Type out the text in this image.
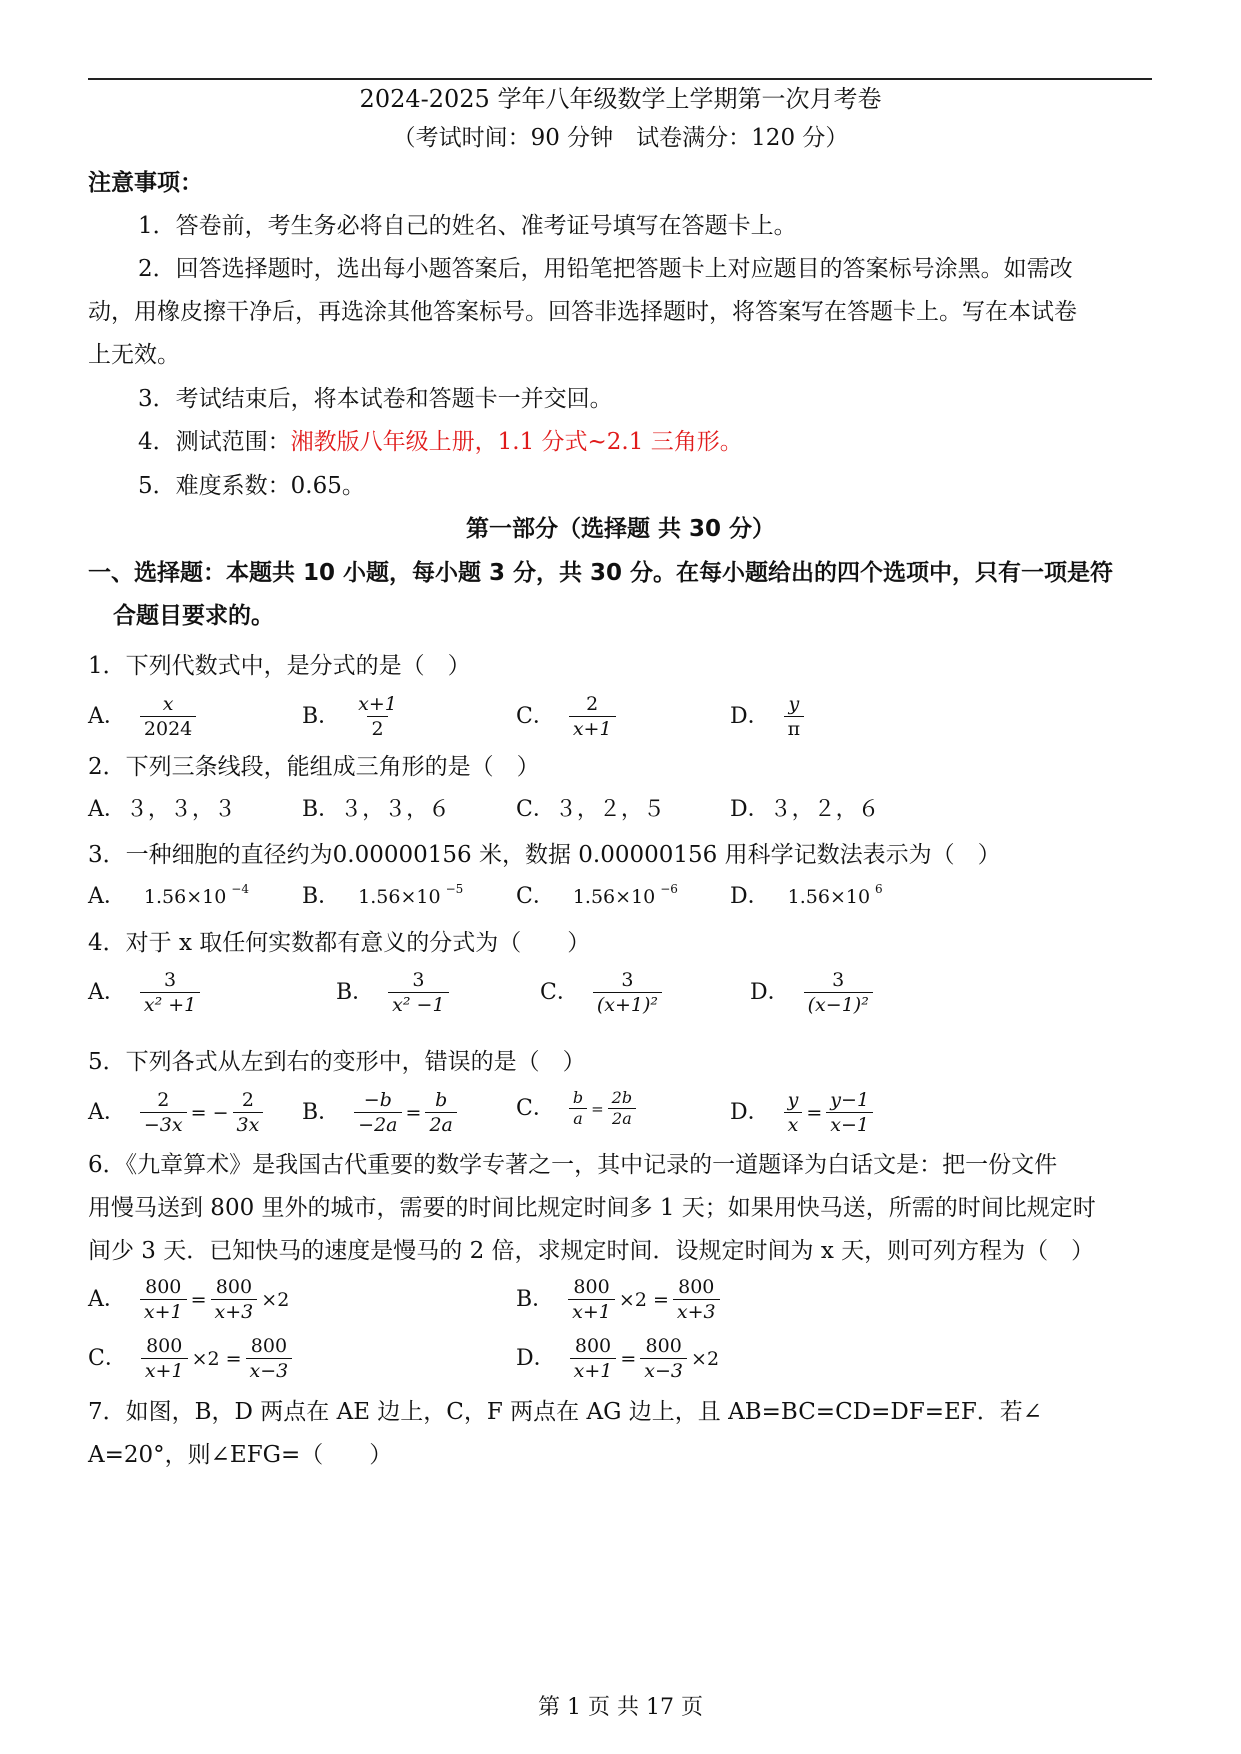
2024-2025 学年八年级数学上学期第一次月考卷
（考试时间：90 分钟　试卷满分：120 分）
注意事项：
1．答卷前，考生务必将自己的姓名、准考证号填写在答题卡上。
2．回答选择题时，选出每小题答案后，用铅笔把答题卡上对应题目的答案标号涂黑。如需改
动，用橡皮擦干净后，再选涂其他答案标号。回答非选择题时，将答案写在答题卡上。写在本试卷
上无效。
3．考试结束后，将本试卷和答题卡一并交回。
4．测试范围：湘教版八年级上册，1.1 分式~2.1 三角形。
5．难度系数：0.65。
第一部分（选择题 共 30 分）
一、选择题：本题共 10 小题，每小题 3 分，共 30 分。在每小题给出的四个选项中，只有一项是符
合题目要求的。
1．下列代数式中，是分式的是（　）
A． $\frac{x}{2024}$	B． $\frac{x+1}{2}$	C． $\frac{2}{x+1}$	D． $\frac{y}{\pi}$
2．下列三条线段，能组成三角形的是（　）
A．３，３，３	B．３，３，６	C．３，２，５	D．３，２，６
3．一种细胞的直径约为0.00000156 米，数据 0.00000156 用科学记数法表示为（　）
A． 1.56×10 −4 B． 1.56×10 −5 C． 1.56×10 −6 D． 1.56×10 6
4．对于 x 取任何实数都有意义的分式为（　　）
A． $\frac{3}{\text{x² +1}}$	B． $\frac{3}{\text{x² −1}}$	C． $\frac{3}{\text{(x+1)²}}$	D． $\frac{3}{\text{(x−1)²}}$
5．下列各式从左到右的变形中，错误的是（　）
A． $\frac{2}{-3x}$ = − $\frac{2}{3x}$ B． $\frac{-b}{-2a} = \frac{b}{2a}$	C． $\frac{b}{a} = \frac{2b}{2a}$	D． $\frac{y}{x} = \frac{y-1}{x-1}$
6．《九章算术》是我国古代重要的数学专著之一，其中记录的一道题译为白话文是：把一份文件
用慢马送到 800 里外的城市，需要的时间比规定时间多 1 天；如果用快马送，所需的时间比规定时
间少 3 天．已知快马的速度是慢马的 2 倍，求规定时间．设规定时间为 x 天，则可列方程为（　）
A． $\frac{800}{x+1} = \frac{800}{x+3} \times 2$	B． $\frac{800}{x+1} \times 2 = \frac{800}{x+3}$
C． $\frac{800}{x+1} \times 2 = \frac{800}{x-3}$	D． $\frac{800}{x+1} = \frac{800}{x-3} \times 2$
7．如图，B，D 两点在 AE 边上，C，F 两点在 AG 边上，且 AB=BC=CD=DF=EF．若∠
A=20°，则∠EFG=（　　）
第 1 页 共 17 页
